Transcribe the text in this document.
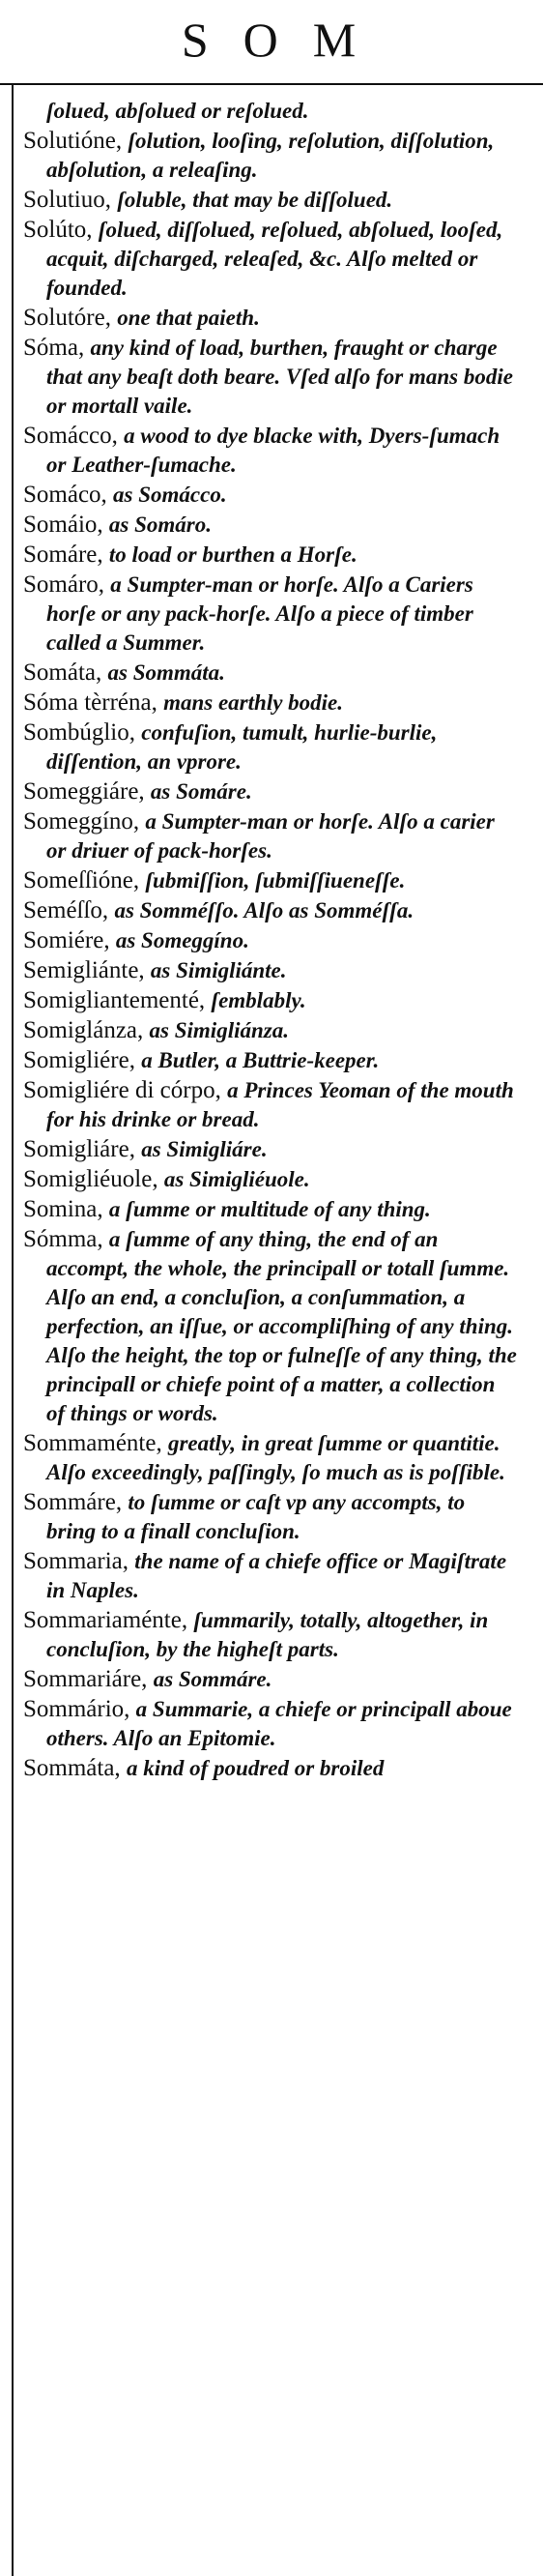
SOM
ſolued, abſolued or reſolued.
Solutióne, ſolution, looſing, reſolution, diſſolution, abſolution, a releaſing.
Solutiuo, ſoluble, that may be diſſolued.
Solúto, ſolued, diſſolued, reſolued, abſolued, looſed, acquit, diſcharged, releaſed, &c. Alſo melted or founded.
Solutóre, one that paieth.
Sóma, any kind of load, burthen, fraught or charge that any beaſt doth beare. Vſed alſo for mans bodie or mortall vaile.
Somácco, a wood to dye blacke with, Dyers-ſumach or Leather-ſumache.
Somáco, as Somácco.
Somáio, as Somáro.
Somáre, to load or burthen a Horſe.
Somáro, a Sumpter-man or horſe. Alſo a Cariers horſe or any pack-horſe. Alſo a piece of timber called a Summer.
Somáta, as Sommáta.
Sóma tèrréna, mans earthly bodie.
Sombúglio, confuſion, tumult, hurlie-burlie, diſſention, an vprore.
Someggiáre, as Somáre.
Someggíno, a Sumpter-man or horſe. Alſo a carier or driuer of pack-horſes.
Someſſióne, ſubmiſſion, ſubmiſſiueneſſe.
Seméſſo, as Somméſſo. Alſo as Somméſſa.
Somiére, as Someggíno.
Semigliánte, as Simigliánte.
Somigliantementé, ſemblably.
Somiglánza, as Simigliánza.
Somigliére, a Butler, a Buttrie-keeper.
Somigliére di córpo, a Princes Yeoman of the mouth for his drinke or bread.
Somigliáre, as Simigliáre.
Somigliéuole, as Simigliéuole.
Somina, a ſumme or multitude of any thing.
Sómma, a ſumme of any thing, the end of an accompt, the whole, the principall or totall ſumme. Alſo an end, a concluſion, a conſummation, a perfection, an iſſue, or accompliſhing of any thing. Alſo the height, the top or fulneſſe of any thing, the principall or chiefe point of a matter, a collection of things or words.
Sommaménte, greatly, in great ſumme or quantitie. Alſo exceedingly, paſſingly, ſo much as is poſſible.
Sommáre, to ſumme or caſt vp any accompts, to bring to a finall concluſion.
Sommaria, the name of a chiefe office or Magiſtrate in Naples.
Sommariaménte, ſummarily, totally, altogether, in concluſion, by the higheſt parts.
Sommariáre, as Sommáre.
Sommário, a Summarie, a chiefe or principall aboue others. Alſo an Epitomie.
Sommáta, a kind of poudred or broiled
